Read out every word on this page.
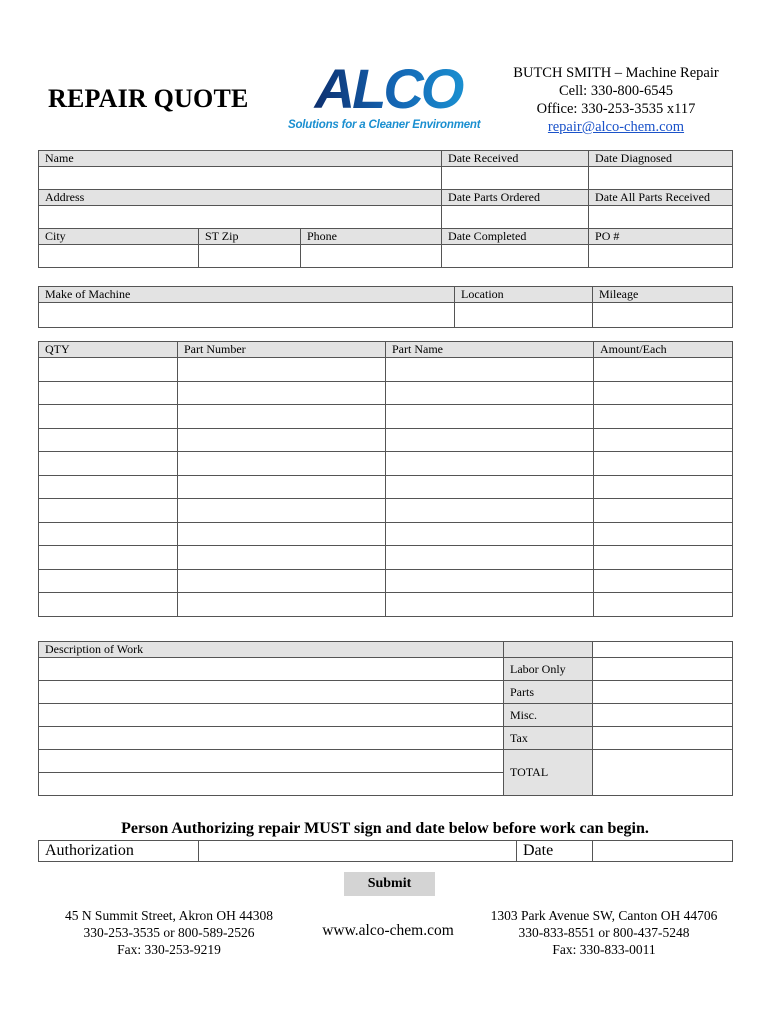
REPAIR QUOTE ALCO
Solutions for a Cleaner Environment
BUTCH SMITH – Machine Repair
Cell: 330-800-6545
Office: 330-253-3535 x117
repair@alco-chem.com
Name			Date Received	Date Diagnosed

Address			Date Parts Ordered	Date All Parts Received

City	ST Zip	Phone	Date Completed	PO #

Make of Machine	Location	Mileage

QTY	Part Number	Part Name	Amount/Each

Description of Work		
	Labor Only	
	Parts	
	Misc.	
	Tax	
	TOTAL	

Person Authorizing repair MUST sign and date below before work can begin.
Authorization		Date	
Submit
45 N Summit Street, Akron OH 44308
330-253-3535 or 800-589-2526
Fax: 330-253-9219
www.alco-chem.com
1303 Park Avenue SW, Canton OH 44706
330-833-8551 or 800-437-5248
Fax: 330-833-0011
